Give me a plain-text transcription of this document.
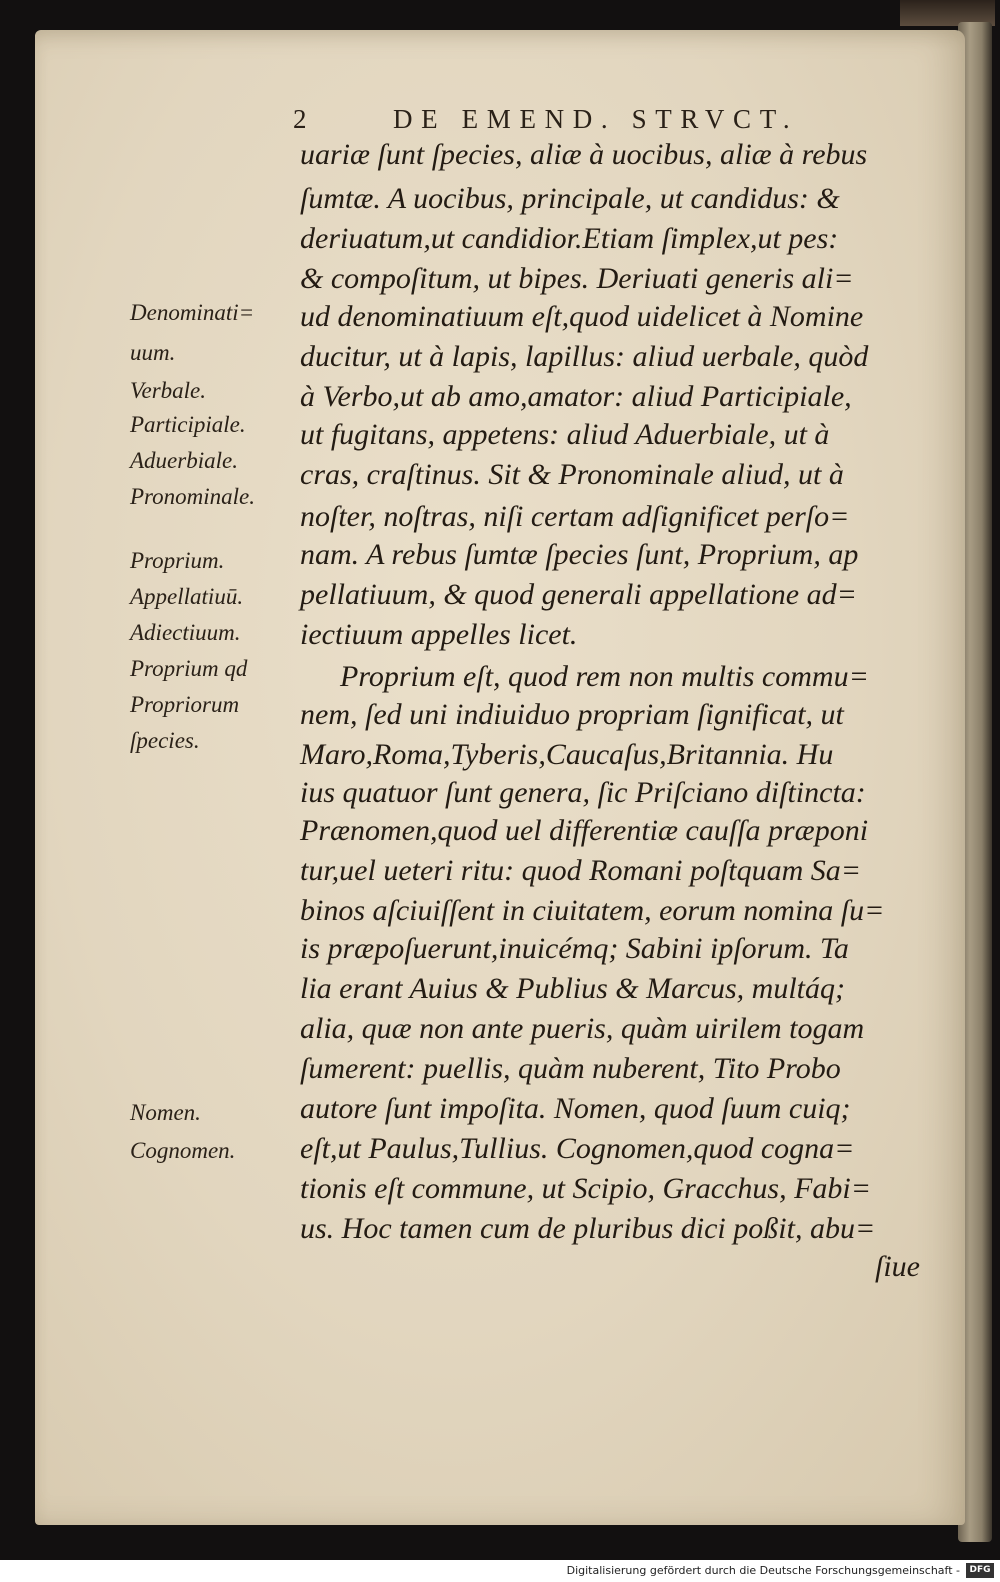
2	DE EMEND. STRVCT.
Denominati=
uum.
Verbale.
Participiale.
Aduerbiale.
Pronominale.
Proprium.
Appellatiuū.
Adiectiuum.
Proprium qd
Propriorum
ſpecies.
Nomen.
Cognomen.
uariæ ſunt ſpecies, aliæ à uocibus, aliæ à rebus
ſumtæ. A uocibus, principale, ut candidus: &
deriuatum,ut candidior.Etiam ſimplex,ut pes:
& compoſitum, ut bipes. Deriuati generis ali=
ud denominatiuum eſt,quod uidelicet à Nomine
ducitur, ut à lapis, lapillus: aliud uerbale, quòd
à Verbo,ut ab amo,amator: aliud Participiale,
ut fugitans, appetens: aliud Aduerbiale, ut à
cras, craſtinus. Sit & Pronominale aliud, ut à
noſter, noſtras, niſi certam adſignificet perſo=
nam. A rebus ſumtæ ſpecies ſunt, Proprium, ap
pellatiuum, & quod generali appellatione ad=
iectiuum appelles licet.
Proprium eſt, quod rem non multis commu=
nem, ſed uni indiuiduo propriam ſignificat, ut
Maro,Roma,Tyberis,Caucaſus,Britannia. Hu
ius quatuor ſunt genera, ſic Priſciano diſtincta:
Prænomen,quod uel differentiæ cauſſa præponi
tur,uel ueteri ritu: quod Romani poſtquam Sa=
binos aſciuiſſent in ciuitatem, eorum nomina ſu=
is præpoſuerunt,inuicémq; Sabini ipſorum. Ta
lia erant Auius & Publius & Marcus, multáq;
alia, quæ non ante pueris, quàm uirilem togam
ſumerent: puellis, quàm nuberent, Tito Probo
autore ſunt impoſita. Nomen, quod ſuum cuiq;
eſt,ut Paulus,Tullius. Cognomen,quod cogna=
tionis eſt commune, ut Scipio, Gracchus, Fabi=
us. Hoc tamen cum de pluribus dici poßit, abu=
ſiue
Digitalisierung gefördert durch die Deutsche Forschungsgemeinschaft -	DFG
